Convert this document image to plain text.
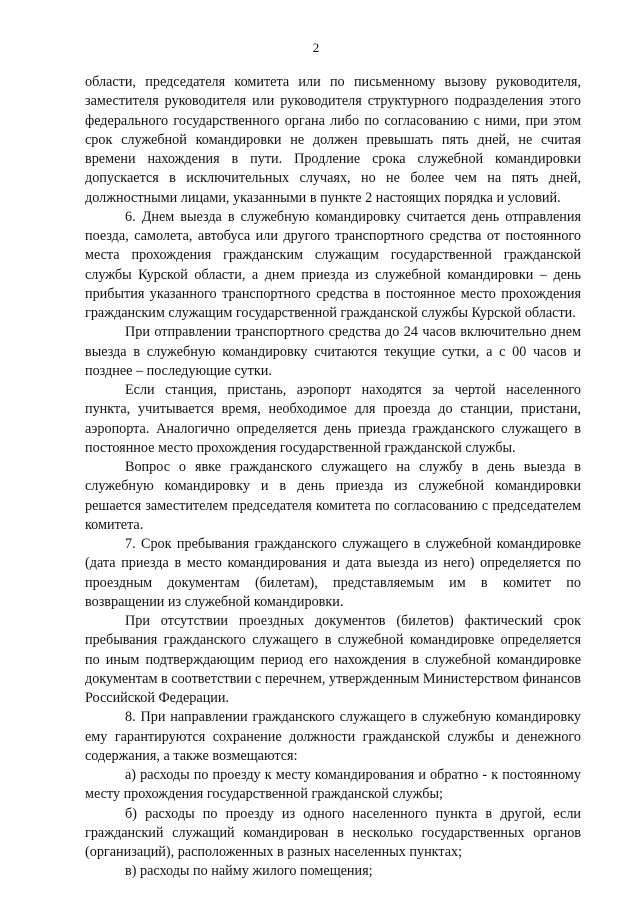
2

области, председателя комитета или по письменному вызову руководителя, заместителя руководителя или руководителя структурного подразделения этого федерального государственного органа либо по согласованию с ними, при этом срок служебной командировки не должен превышать пять дней, не считая времени нахождения в пути. Продление срока служебной командировки допускается в исключительных случаях, но не более чем на пять дней, должностными лицами, указанными в пункте 2 настоящих порядка и условий.

6. Днем выезда в служебную командировку считается день отправления поезда, самолета, автобуса или другого транспортного средства от постоянного места прохождения гражданским служащим государственной гражданской службы Курской области, а днем приезда из служебной командировки – день прибытия указанного транспортного средства в постоянное место прохождения гражданским служащим государственной гражданской службы Курской области.

При отправлении транспортного средства до 24 часов включительно днем выезда в служебную командировку считаются текущие сутки, а с 00 часов и позднее – последующие сутки.

Если станция, пристань, аэропорт находятся за чертой населенного пункта, учитывается время, необходимое для проезда до станции, пристани, аэропорта. Аналогично определяется день приезда гражданского служащего в постоянное место прохождения государственной гражданской службы.

Вопрос о явке гражданского служащего на службу в день выезда в служебную командировку и в день приезда из служебной командировки решается заместителем председателя комитета по согласованию с председателем комитета.

7. Срок пребывания гражданского служащего в служебной командировке (дата приезда в место командирования и дата выезда из него) определяется по проездным документам (билетам), представляемым им в комитет по возвращении из служебной командировки.

При отсутствии проездных документов (билетов) фактический срок пребывания гражданского служащего в служебной командировке определяется по иным подтверждающим период его нахождения в служебной командировке документам в соответствии с перечнем, утвержденным Министерством финансов Российской Федерации.

8. При направлении гражданского служащего в служебную командировку ему гарантируются сохранение должности гражданской службы и денежного содержания, а также возмещаются:

а) расходы по проезду к месту командирования и обратно - к постоянному месту прохождения государственной гражданской службы;

б) расходы по проезду из одного населенного пункта в другой, если гражданский служащий командирован в несколько государственных органов (организаций), расположенных в разных населенных пунктах;

в) расходы по найму жилого помещения;
